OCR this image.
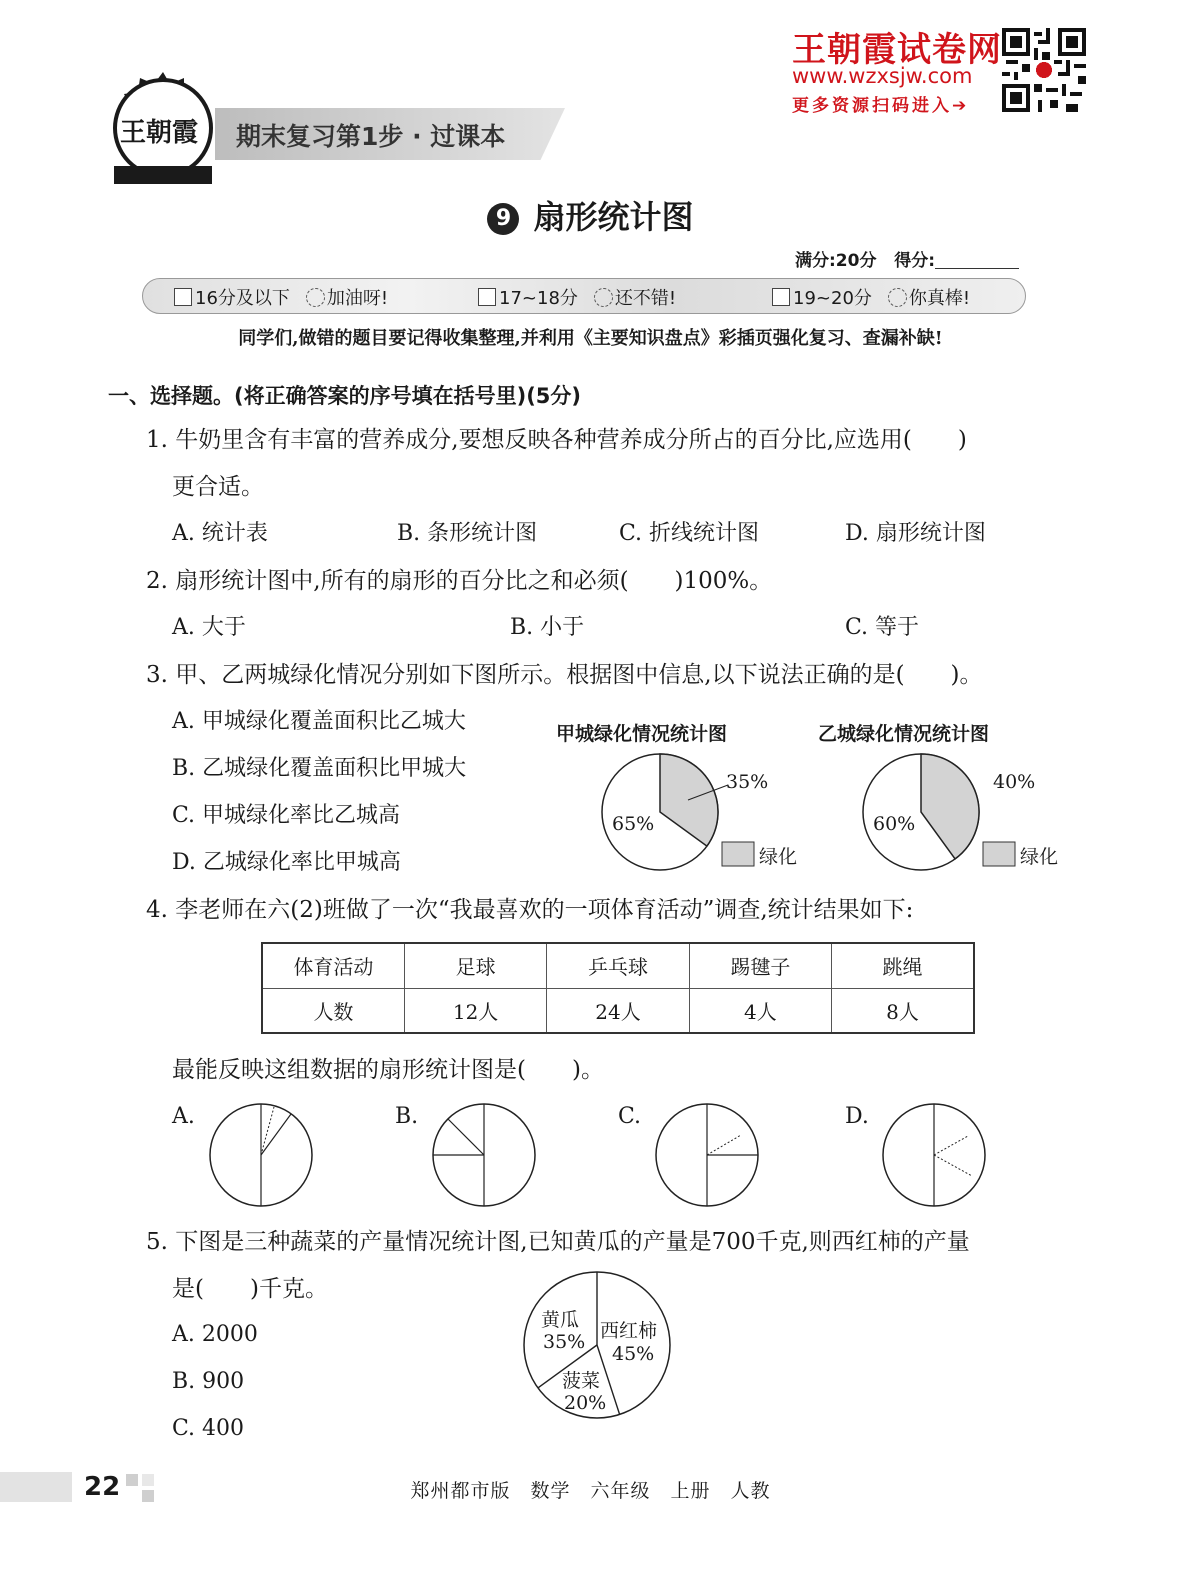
王朝霞 期末复习第1步 · 过课本
王朝霞试卷网
www.wzxsjw.com
更多资源扫码进入➔
9 扇形统计图
满分:20分 得分:
16分及以下 加油呀!	17~18分 还不错!	19~20分 你真棒!
同学们,做错的题目要记得收集整理,并利用《主要知识盘点》彩插页强化复习、查漏补缺!
一、选择题。(将正确答案的序号填在括号里)(5分)
1. 牛奶里含有丰富的营养成分,要想反映各种营养成分所占的百分比,应选用(　　)
更合适。
A. 统计表	B. 条形统计图	C. 折线统计图	D. 扇形统计图
2. 扇形统计图中,所有的扇形的百分比之和必须(　　)100%。
A. 大于	B. 小于	C. 等于
3. 甲、乙两城绿化情况分别如下图所示。根据图中信息,以下说法正确的是(　　)。
A. 甲城绿化覆盖面积比乙城大
B. 乙城绿化覆盖面积比甲城大
C. 甲城绿化率比乙城高
D. 乙城绿化率比甲城高
甲城绿化情况统计图	乙城绿化情况统计图
35%
65%
绿化
40%
60%
绿化
4. 李老师在六(2)班做了一次“我最喜欢的一项体育活动”调查,统计结果如下:
体育活动	足球	乒乓球	踢毽子	跳绳
人数	12人	24人	4人	8人
最能反映这组数据的扇形统计图是(　　)。
A.	B.	C.	D.
5. 下图是三种蔬菜的产量情况统计图,已知黄瓜的产量是700千克,则西红柿的产量
是(　　)千克。
A. 2000
B. 900
C. 400
黄瓜
35% 西红柿
45%
菠菜
20%
22	郑州都市版 数学 六年级 上册 人教
